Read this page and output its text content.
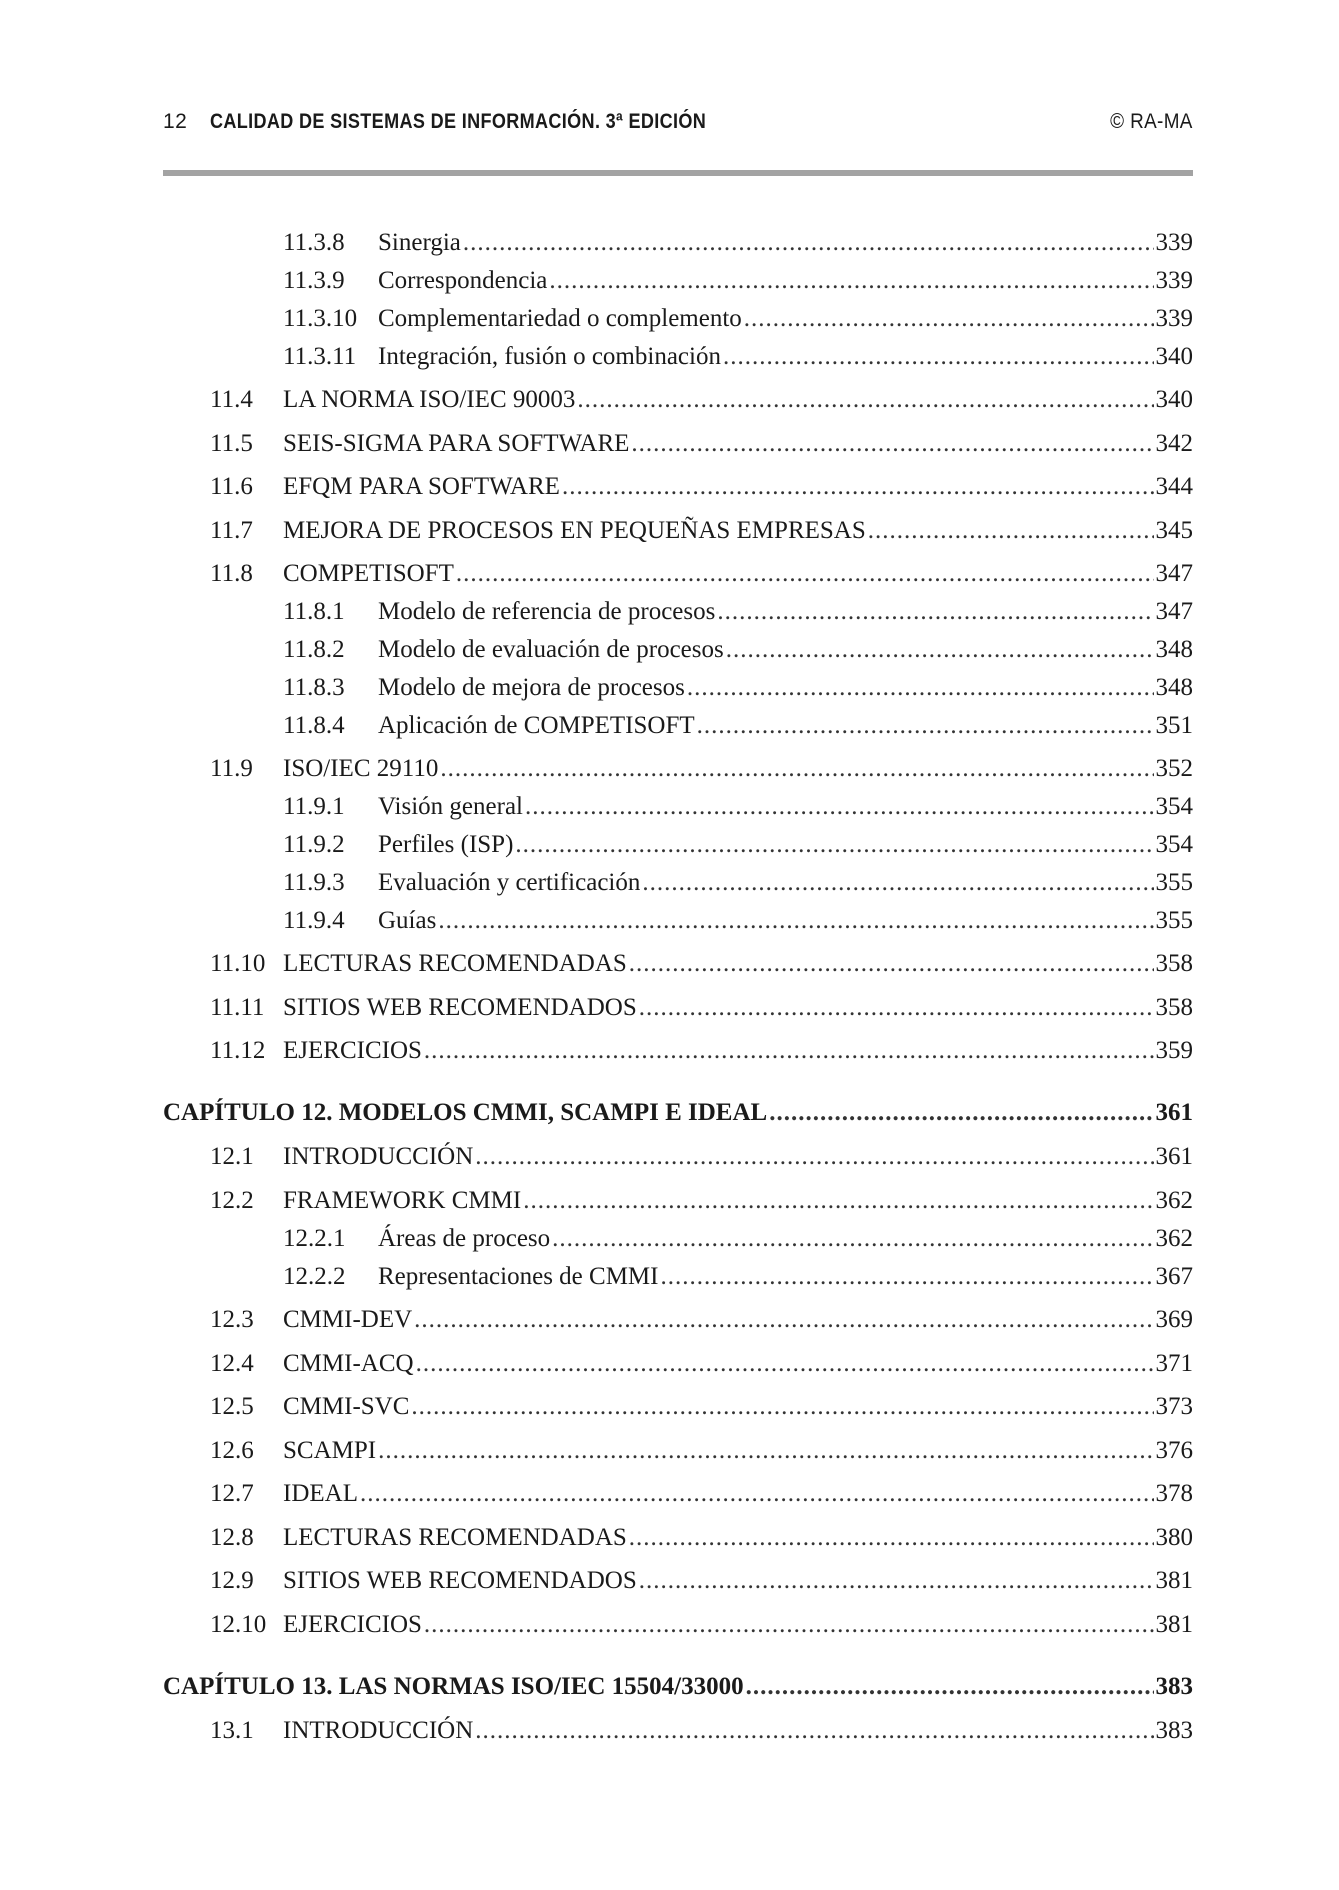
12 CALIDAD DE SISTEMAS DE INFORMACIÓN. 3ª EDICIÓN	© RA-MA
11.3.8	Sinergia .....	339
11.3.9	Correspondencia .....	339
11.3.10 Complementariedad o complemento .....	339
11.3.11 Integración, fusión o combinación .....	340
11.4	LA NORMA ISO/IEC 90003 .....	340
11.5	SEIS-SIGMA PARA SOFTWARE .....	342
11.6	EFQM PARA SOFTWARE .....	344
11.7	MEJORA DE PROCESOS EN PEQUEÑAS EMPRESAS .....	345
11.8	COMPETISOFT .....	347
11.8.1	Modelo de referencia de procesos .....	347
11.8.2	Modelo de evaluación de procesos .....	348
11.8.3	Modelo de mejora de procesos .....	348
11.8.4	Aplicación de COMPETISOFT .....	351
11.9	ISO/IEC 29110 .....	352
11.9.1	Visión general .....	354
11.9.2	Perfiles (ISP) .....	354
11.9.3	Evaluación y certificación .....	355
11.9.4	Guías .....	355
11.10 LECTURAS RECOMENDADAS .....	358
11.11 SITIOS WEB RECOMENDADOS .....	358
11.12 EJERCICIOS .....	359
CAPÍTULO 12. MODELOS CMMI, SCAMPI E IDEAL .....	361
12.1	INTRODUCCIÓN .....	361
12.2	FRAMEWORK CMMI .....	362
12.2.1	Áreas de proceso .....	362
12.2.2	Representaciones de CMMI .....	367
12.3	CMMI-DEV .....	369
12.4	CMMI-ACQ .....	371
12.5	CMMI-SVC .....	373
12.6	SCAMPI .....	376
12.7	IDEAL .....	378
12.8	LECTURAS RECOMENDADAS .....	380
12.9	SITIOS WEB RECOMENDADOS .....	381
12.10 EJERCICIOS .....	381
CAPÍTULO 13. LAS NORMAS ISO/IEC 15504/33000 .....	383
13.1	INTRODUCCIÓN .....	383
